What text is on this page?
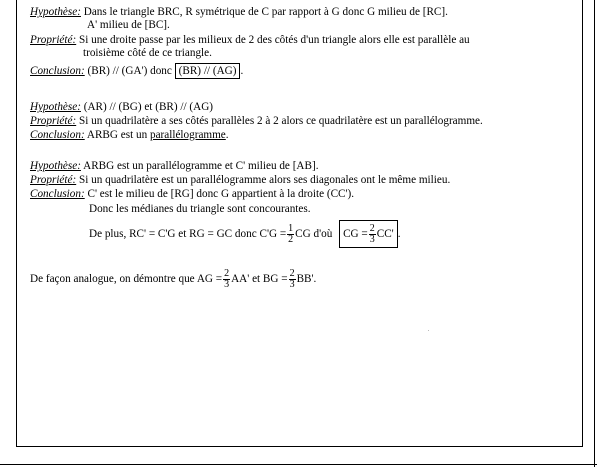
Hypothèse: Dans le triangle BRC, R symétrique de C par rapport à G donc G milieu de [RC].
A' milieu de [BC].
Propriété: Si une droite passe par les milieux de 2 des côtés d'un triangle alors elle est parallèle au
troisième côté de ce triangle.
Conclusion: (BR) // (GA') donc (BR) // (AG) .
Hypothèse: (AR) // (BG) et (BR) // (AG)
Propriété: Si un quadrilatère a ses côtés parallèles 2 à 2 alors ce quadrilatère est un parallélogramme.
Conclusion: ARBG est un parallélogramme.
Hypothèse: ARBG est un parallélogramme et C' milieu de [AB].
Propriété: Si un quadrilatère est un parallélogramme alors ses diagonales ont le même milieu.
Conclusion: C' est le milieu de [RG] donc G appartient à la droite (CC').
Donc les médianes du triangle sont concourantes.
De plus, RC' = C'G et RG = GC donc $C'G = \frac{1}{2}$ CG d'où CG = $\frac{2}{3} CC'$ .
De façon analogue, on démontre que AG = $\frac{2}{3} AA'$ et BG = $\frac{2}{3} BB'$.
